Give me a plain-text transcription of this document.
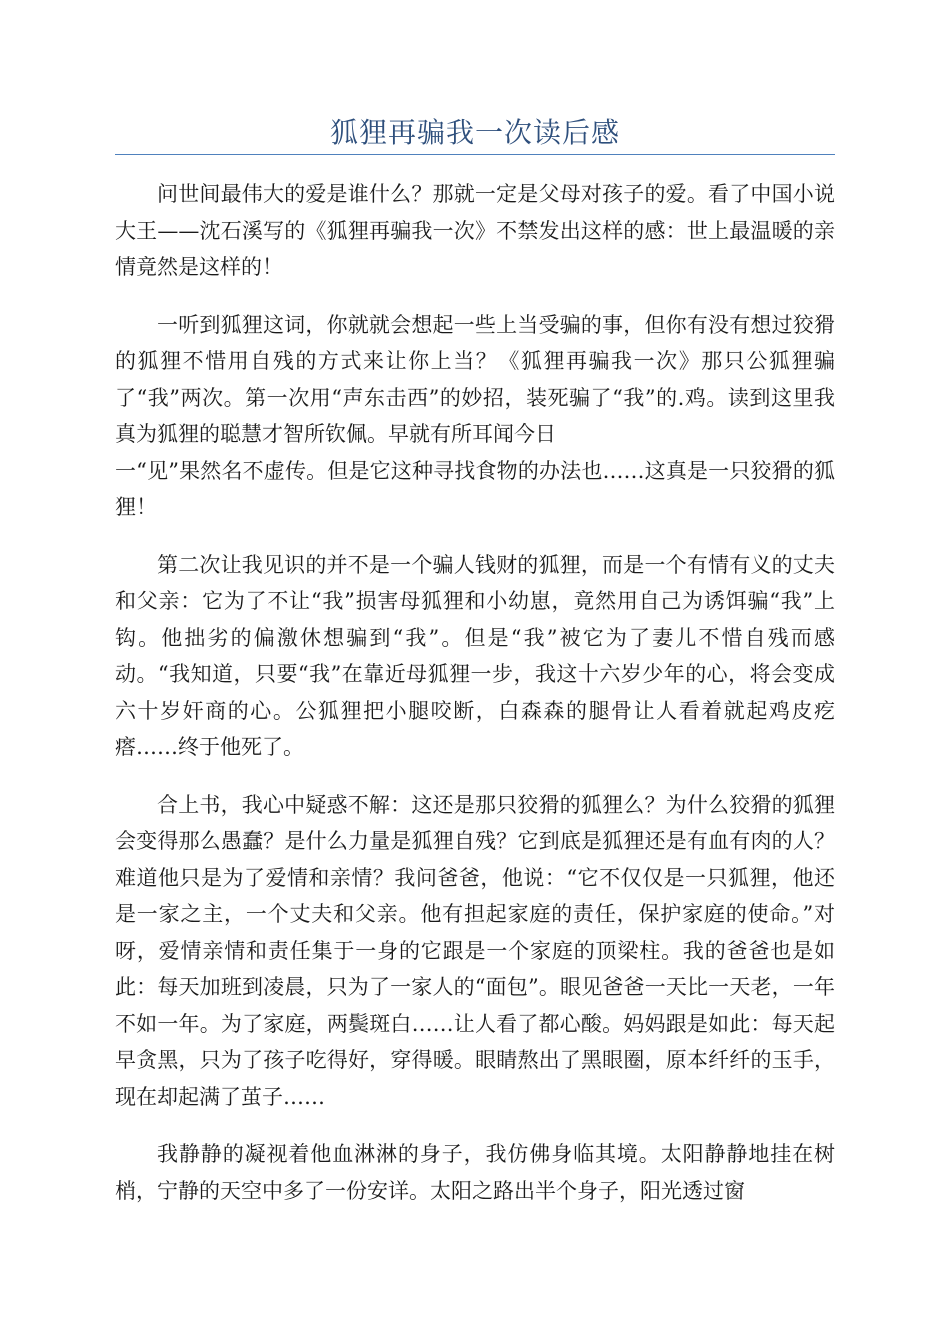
狐狸再骗我一次读后感

问世间最伟大的爱是谁什么？那就一定是父母对孩子的爱。看了中国小说大王——沈石溪写的《狐狸再骗我一次》不禁发出这样的感：世上最温暖的亲情竟然是这样的！

一听到狐狸这词，你就就会想起一些上当受骗的事，但你有没有想过狡猾的狐狸不惜用自残的方式来让你上当？《狐狸再骗我一次》那只公狐狸骗了“我”两次。第一次用“声东击西”的妙招，装死骗了“我”的.鸡。读到这里我真为狐狸的聪慧才智所钦佩。早就有所耳闻今日
一“见”果然名不虚传。但是它这种寻找食物的办法也……这真是一只狡猾的狐狸！

第二次让我见识的并不是一个骗人钱财的狐狸，而是一个有情有义的丈夫和父亲：它为了不让“我”损害母狐狸和小幼崽，竟然用自己为诱饵骗“我”上钩。他拙劣的偏激休想骗到“我”。但是“我”被它为了妻儿不惜自残而感动。“我知道，只要“我”在靠近母狐狸一步，我这十六岁少年的心，将会变成六十岁奸商的心。公狐狸把小腿咬断，白森森的腿骨让人看着就起鸡皮疙瘩……终于他死了。

合上书，我心中疑惑不解：这还是那只狡猾的狐狸么？为什么狡猾的狐狸会变得那么愚蠢？是什么力量是狐狸自残？它到底是狐狸还是有血有肉的人？难道他只是为了爱情和亲情？我问爸爸，他说：“它不仅仅是一只狐狸，他还是一家之主，一个丈夫和父亲。他有担起家庭的责任，保护家庭的使命。”对呀，爱情亲情和责任集于一身的它跟是一个家庭的顶梁柱。我的爸爸也是如此：每天加班到凌晨，只为了一家人的“面包”。眼见爸爸一天比一天老，一年不如一年。为了家庭，两鬓斑白……让人看了都心酸。妈妈跟是如此：每天起早贪黑，只为了孩子吃得好，穿得暖。眼睛熬出了黑眼圈，原本纤纤的玉手，现在却起满了茧子……

我静静的凝视着他血淋淋的身子，我仿佛身临其境。太阳静静地挂在树梢，宁静的天空中多了一份安详。太阳之路出半个身子，阳光透过窗
